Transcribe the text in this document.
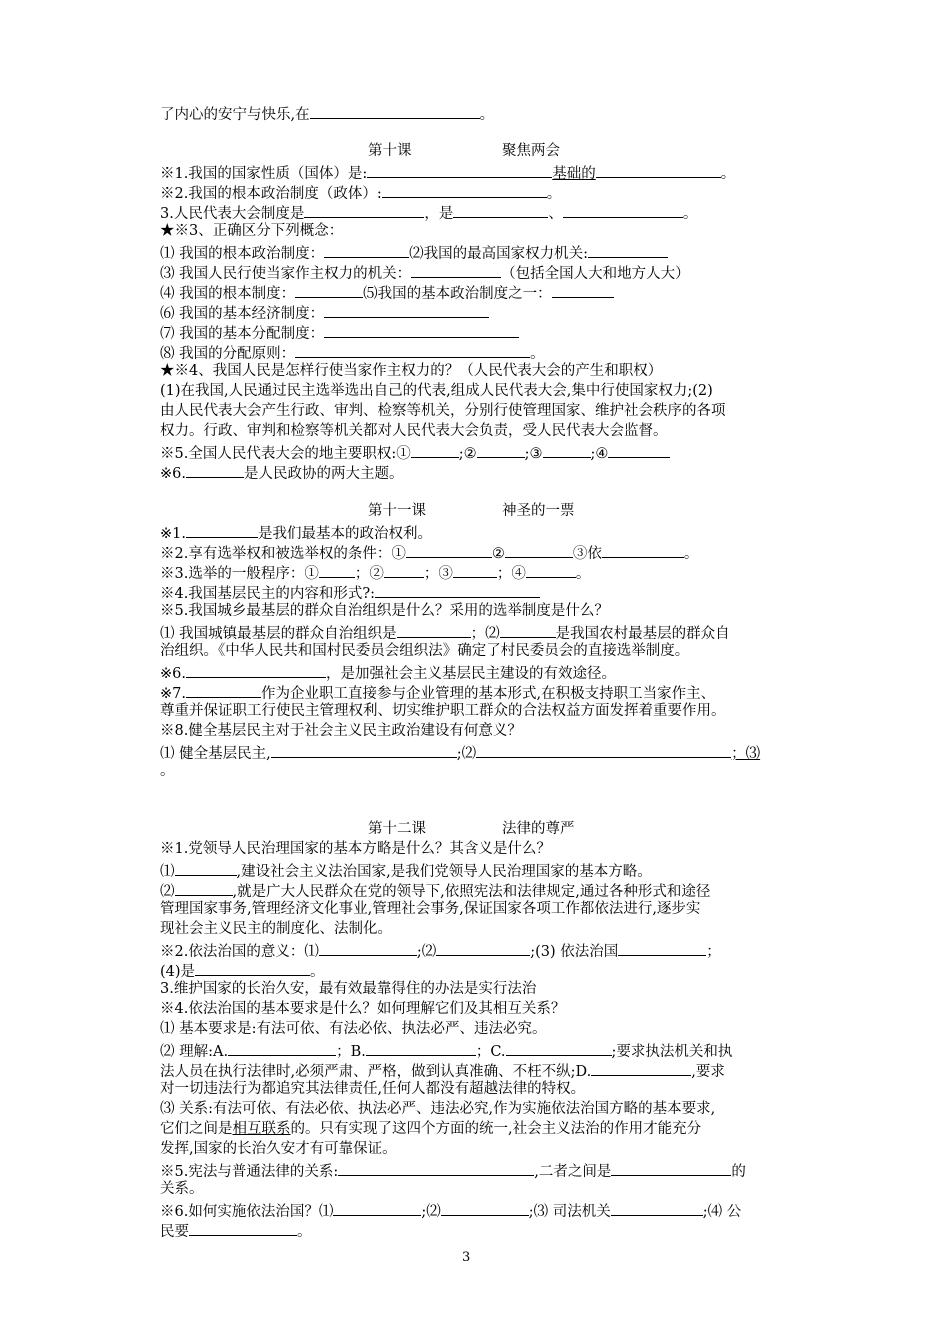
了内心的安宁与快乐,在	。
第十课	聚焦两会
※1.我国的国家性质（国体）是:	基础的	。
※2.我国的根本政治制度（政体）:	。
3.人民代表大会制度是	，是	、	。
★※3、正确区分下列概念：
⑴ 我国的根本政治制度：	⑵我国的最高国家权力机关:
⑶ 我国人民行使当家作主权力的机关：	（包括全国人大和地方人大）
⑷ 我国的根本制度：	⑸我国的基本政治制度之一：
⑹ 我国的基本经济制度：
⑺ 我国的基本分配制度：
⑻ 我国的分配原则：	。
★※4、我国人民是怎样行使当家作主权力的？（人民代表大会的产生和职权）
(1)在我国,人民通过民主选举选出自己的代表,组成人民代表大会,集中行使国家权力;(2)
由人民代表大会产生行政、审判、检察等机关，分别行使管理国家、维护社会秩序的各项
权力。行政、审判和检察等机关都对人民代表大会负责，受人民代表大会监督。
※5.全国人民代表大会的地主要职权:①	;②	;③	;④
※6.	是人民政协的两大主题。
第十一课	神圣的一票
※1.	是我们最基本的政治权利。
※2.享有选举权和被选举权的条件：①	②	③依	。
※3.选举的一般程序：① ；②	；③	；④	。
※4.我国基层民主的内容和形式?:
※5.我国城乡最基层的群众自治组织是什么？采用的选举制度是什么？
⑴ 我国城镇最基层的群众自治组织是	；⑵	是我国农村最基层的群众自
治组织。《中华人民共和国村民委员会组织法》确定了村民委员会的直接选举制度。
※6.	，是加强社会主义基层民主建设的有效途径。
※7.	作为企业职工直接参与企业管理的基本形式,在积极支持职工当家作主、
尊重并保证职工行使民主管理权利、切实维护职工群众的合法权益方面发挥着重要作用。
※8.健全基层民主对于社会主义民主政治建设有何意义？
⑴ 健全基层民主,	;⑵	；⑶
。
第十二课	法律的尊严
※1.党领导人民治理国家的基本方略是什么？其含义是什么？
⑴	,建设社会主义法治国家,是我们党领导人民治理国家的基本方略。
⑵	,就是广大人民群众在党的领导下,依照宪法和法律规定,通过各种形式和途径
管理国家事务,管理经济文化事业,管理社会事务,保证国家各项工作都依法进行,逐步实
现社会主义民主的制度化、法制化。
※2.依法治国的意义：⑴	;⑵	;(3) 依法治国	；
(4)是	。
3.维护国家的长治久安，最有效最靠得住的办法是实行法治
※4.依法治国的基本要求是什么？如何理解它们及其相互关系？
⑴ 基本要求是:有法可依、有法必依、执法必严、违法必究。
⑵ 理解:A.	；B.	；C.	;要求执法机关和执
法人员在执行法律时,必须严肃、严格，做到认真准确、不枉不纵;D.	,要求
对一切违法行为都追究其法律责任,任何人都没有超越法律的特权。
⑶ 关系:有法可依、有法必依、执法必严、违法必究,作为实施依法治国方略的基本要求,
它们之间是相互联系的。只有实现了这四个方面的统一,社会主义法治的作用才能充分
发挥,国家的长治久安才有可靠保证。
※5.宪法与普通法律的关系:	,二者之间是	的
关系。
※6.如何实施依法治国？⑴	;⑵	;⑶ 司法机关	;⑷ 公
民要	。
3
